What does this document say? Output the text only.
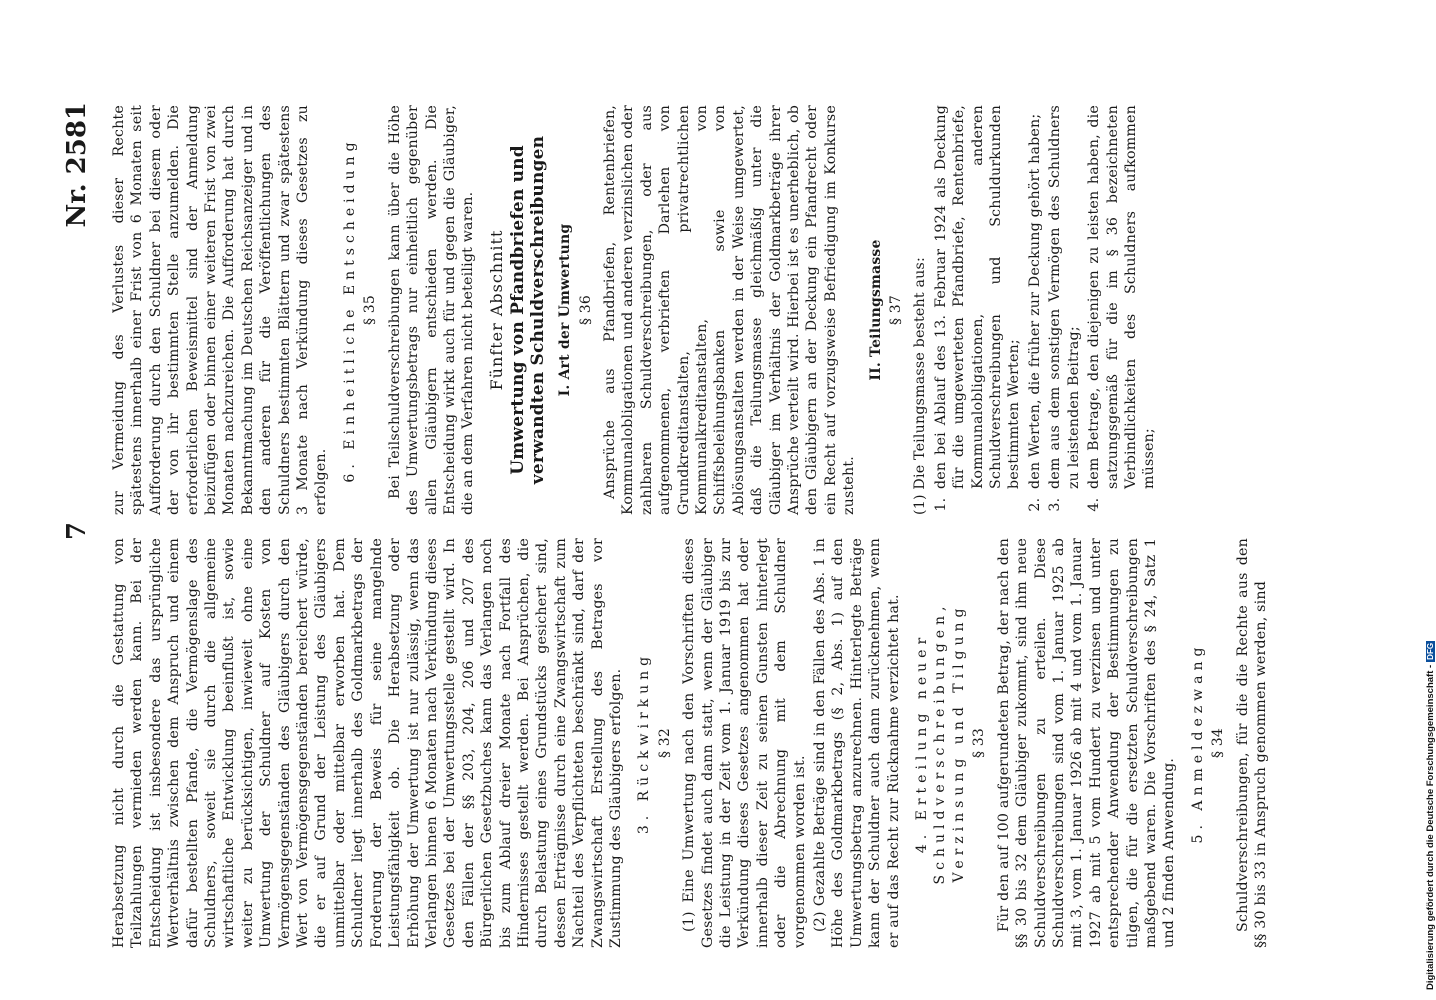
7
Nr. 2581

Herabsetzung nicht durch die Gestattung von Teilzahlungen vermieden werden kann. Bei der Entscheidung ist insbesondere das ursprüngliche Wertverhältnis zwischen dem Anspruch und einem dafür bestellten Pfande, die Vermögenslage des Schuldners, soweit sie durch die allgemeine wirtschaftliche Entwicklung beeinflußt ist, sowie weiter zu berücksichtigen, inwieweit ohne eine Umwertung der Schuldner auf Kosten von Vermögensgegenständen des Gläubigers durch den Wert von Vermögensgegenständen bereichert würde, die er auf Grund der Leistung des Gläubigers unmittelbar oder mittelbar erworben hat. Dem Schuldner liegt innerhalb des Goldmarkbetrags der Forderung der Beweis für seine mangelnde Leistungsfähigkeit ob. Die Herabsetzung oder Erhöhung der Umwertung ist nur zulässig, wenn das Verlangen binnen 6 Monaten nach Verkündung dieses Gesetzes bei der Umwertungsstelle gestellt wird. In den Fällen der §§ 203, 204, 206 und 207 des Bürgerlichen Gesetzbuches kann das Verlangen noch bis zum Ablauf dreier Monate nach Fortfall des Hindernisses gestellt werden. Bei Ansprüchen, die durch Belastung eines Grundstücks gesichert sind, dessen Erträgnisse durch eine Zwangswirtschaft zum Nachteil des Verpflichteten beschränkt sind, darf der Zwangswirtschaft Erstellung des Betrages vor Zustimmung des Gläubigers erfolgen. 3. Rückwirkung § 32 (1) Eine Umwertung nach den Vorschriften dieses Gesetzes findet auch dann statt, wenn der Gläubiger die Leistung in der Zeit vom 1. Januar 1919 bis zur Verkündung dieses Gesetzes angenommen hat oder innerhalb dieser Zeit zu seinen Gunsten hinterlegt oder die Abrechnung mit dem Schuldner vorgenommen worden ist. (2) Gezahlte Beträge sind in den Fällen des Abs. 1 in Höhe des Goldmarkbetrags (§ 2, Abs. 1) auf den Umwertungsbetrag anzurechnen. Hinterlegte Beträge kann der Schuldner auch dann zurücknehmen, wenn er auf das Recht zur Rücknahme verzichtet hat. 4. Erteilung neuer Schuldverschreibungen, Verzinsung und Tilgung § 33 Für den auf 100 aufgerundeten Betrag, der nach den §§ 30 bis 32 dem Gläubiger zukommt, sind ihm neue Schuldverschreibungen zu erteilen. Diese Schuldverschreibungen sind vom 1. Januar 1925 ab mit 3, vom 1. Januar 1926 ab mit 4 und vom 1. Januar 1927 ab mit 5 vom Hundert zu verzinsen und unter entsprechender Anwendung der Bestimmungen zu tilgen, die für die ersetzten Schuldverschreibungen maßgebend waren. Die Vorschriften des § 24, Satz 1 und 2 finden Anwendung.

5. Anmeldezwang § 34 Schuldverschreibungen, für die die Rechte aus den §§ 30 bis 33 in Anspruch genommen werden, sind

zur Vermeidung des Verlustes dieser Rechte spätestens innerhalb einer Frist von 6 Monaten seit Aufforderung durch den Schuldner bei diesem oder der von ihr bestimmten Stelle anzumelden. Die erforderlichen Beweismittel sind der Anmeldung beizufügen oder binnen einer weiteren Frist von zwei Monaten nachzureichen. Die Aufforderung hat durch Bekanntmachung im Deutschen Reichsanzeiger und in den anderen für die Veröffentlichungen des Schuldners bestimmten Blättern und zwar spätestens 3 Monate nach Verkündung dieses Gesetzes zu erfolgen. 6. Einheitliche Entscheidung § 35 Bei Teilschuldverschreibungen kann über die Höhe des Umwertungsbetrags nur einheitlich gegenüber allen Gläubigern entschieden werden. Die Entscheidung wirkt auch für und gegen die Gläubiger, die an dem Verfahren nicht beteiligt waren. Fünfter Abschnitt Umwertung von Pfandbriefen und verwandten Schuldverschreibungen I. Art der Umwertung § 36 Ansprüche aus Pfandbriefen, Rentenbriefen, Kommunalobligationen und anderen verzinslichen oder zahlbaren Schuldverschreibungen, oder aus aufgenommenen, verbrieften Darlehen von Grundkreditanstalten, privatrechtlichen Kommunalkreditanstalten, von Schiffsbeleihungsbanken sowie von Ablösungsanstalten werden in der Weise umgewertet, daß die Teilungsmasse gleichmäßig unter die Gläubiger im Verhältnis der Goldmarkbeträge ihrer Ansprüche verteilt wird. Hierbei ist es unerheblich, ob den Gläubigern an der Deckung ein Pfandrecht oder ein Recht auf vorzugsweise Befriedigung im Konkurse zusteht.

II. Teilungsmasse § 37 (1) Die Teilungsmasse besteht aus: 1. den bei Ablauf des 13. Februar 1924 als Deckung für die umgewerteten Pfandbriefe, Rentenbriefe, Kommunalobligationen, anderen Schuldverschreibungen und Schuldurkunden bestimmten Werten; 2. den Werten, die früher zur Deckung gehört haben; 3. dem aus dem sonstigen Vermögen des Schuldners zu leistenden Beitrag; 4. dem Betrage, den diejenigen zu leisten haben, die satzungsgemäß für die im § 36 bezeichneten Verbindlichkeiten des Schuldners aufkommen müssen;
Digitalisierung gefördert durch die Deutsche Forschungsgemeinschaft -DFG
